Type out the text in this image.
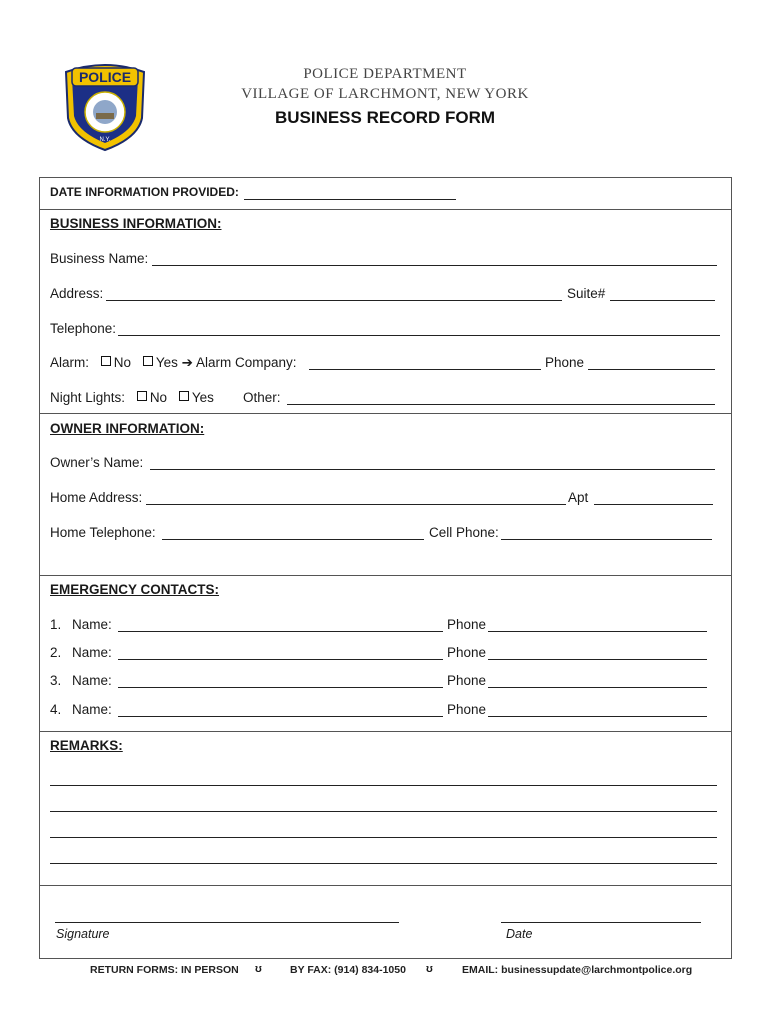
POLICE
N.Y.
POLICE DEPARTMENT
VILLAGE OF LARCHMONT, NEW YORK
BUSINESS RECORD FORM
DATE INFORMATION PROVIDED:
BUSINESS INFORMATION:
Business Name:
Address:	Suite#
Telephone:
Alarm: No Yes ➔ Alarm Company:	Phone
Night Lights: No Yes Other:
OWNER INFORMATION:
Owner’s Name:
Home Address:	Apt
Home Telephone:	Cell Phone:
EMERGENCY CONTACTS:
1. Name:	Phone
2. Name:	Phone
3. Name:	Phone
4. Name:	Phone
REMARKS:
Signature	Date
RETURN FORMS: IN PERSON ʊ	BY FAX: (914) 834-1050 ʊ	EMAIL: businessupdate@larchmontpolice.org
